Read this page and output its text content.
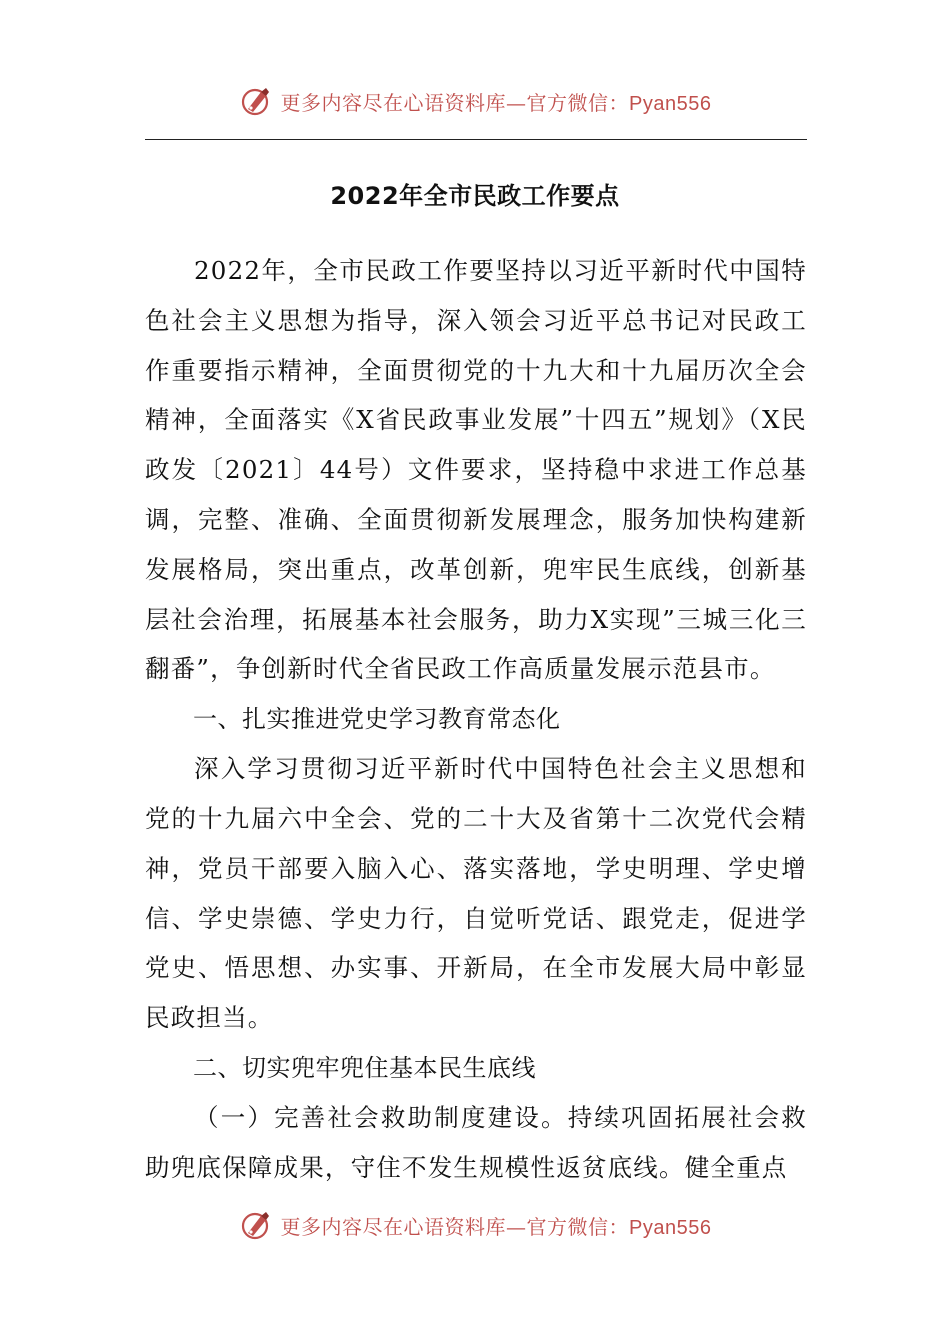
更多内容尽在心语资料库—官方微信：Pyan556
2022年全市民政工作要点

2022年，全市民政工作要坚持以习近平新时代中国特色社会主义思想为指导，深入领会习近平总书记对民政工作重要指示精神，全面贯彻党的十九大和十九届历次全会精神，全面落实《X省民政事业发展”十四五”规划》（X民政发〔2021〕44号）文件要求，坚持稳中求进工作总基调，完整、准确、全面贯彻新发展理念，服务加快构建新发展格局，突出重点，改革创新，兜牢民生底线，创新基层社会治理，拓展基本社会服务，助力X实现”三城三化三翻番”，争创新时代全省民政工作高质量发展示范县市。

一、扎实推进党史学习教育常态化

深入学习贯彻习近平新时代中国特色社会主义思想和党的十九届六中全会、党的二十大及省第十二次党代会精神，党员干部要入脑入心、落实落地，学史明理、学史增信、学史崇德、学史力行，自觉听党话、跟党走，促进学党史、悟思想、办实事、开新局，在全市发展大局中彰显民政担当。

二、切实兜牢兜住基本民生底线

（一）完善社会救助制度建设。持续巩固拓展社会救助兜底保障成果，守住不发生规模性返贫底线。健全重点

更多内容尽在心语资料库—官方微信：Pyan556
